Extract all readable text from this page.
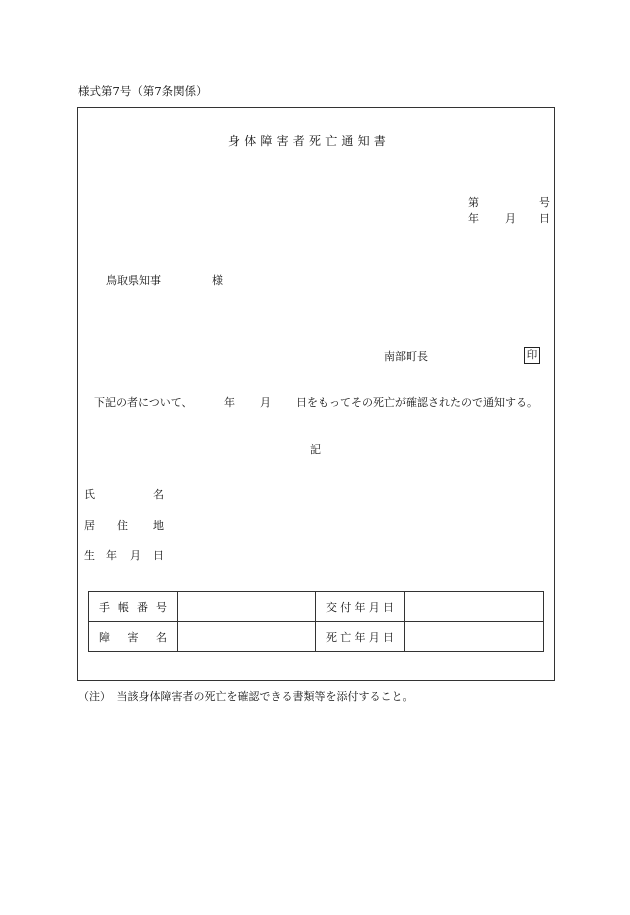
様式第7号（第7条関係）
身体障害者死亡通知書
第	号
年 月 日
鳥取県知事	様
南部町長	印
下記の者について、	年 月 日をもってその死亡が確認されたので通知する。
記
氏	名
居 住 地
生 年 月 日
手帳番号		交付年月日	
障害名		死亡年月日	
（注）　当該身体障害者の死亡を確認できる書類等を添付すること。
